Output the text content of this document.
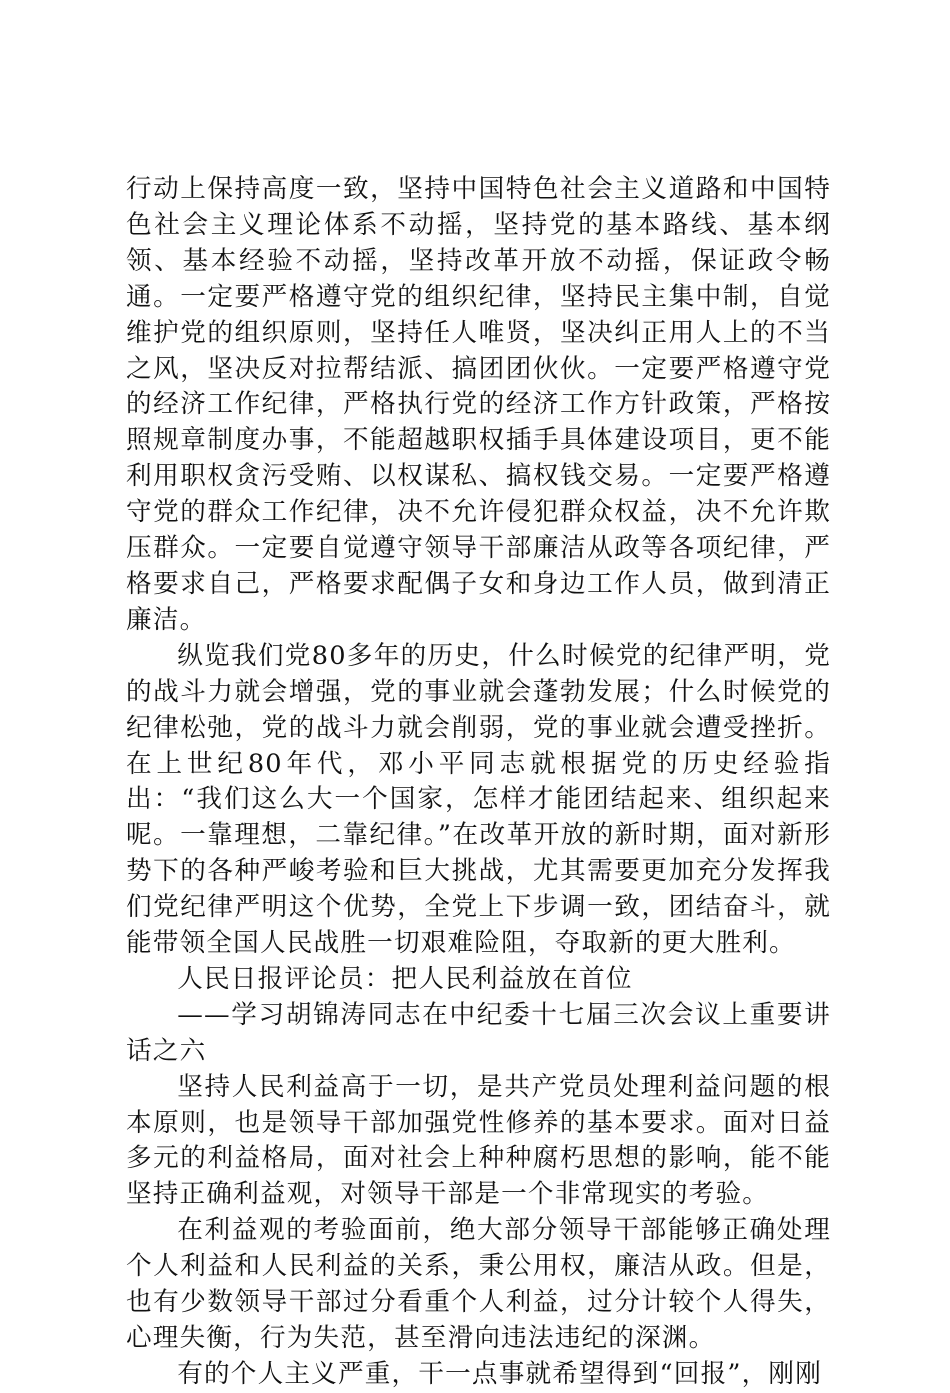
行动上保持高度一致，坚持中国特色社会主义道路和中国特色社会主义理论体系不动摇，坚持党的基本路线、基本纲领、基本经验不动摇，坚持改革开放不动摇，保证政令畅通。一定要严格遵守党的组织纪律，坚持民主集中制，自觉维护党的组织原则，坚持任人唯贤，坚决纠正用人上的不当之风，坚决反对拉帮结派、搞团团伙伙。一定要严格遵守党的经济工作纪律，严格执行党的经济工作方针政策，严格按照规章制度办事，不能超越职权插手具体建设项目，更不能利用职权贪污受贿、以权谋私、搞权钱交易。一定要严格遵守党的群众工作纪律，决不允许侵犯群众权益，决不允许欺压群众。一定要自觉遵守领导干部廉洁从政等各项纪律，严格要求自己，严格要求配偶子女和身边工作人员，做到清正廉洁。

纵览我们党80多年的历史，什么时候党的纪律严明，党的战斗力就会增强，党的事业就会蓬勃发展；什么时候党的纪律松弛，党的战斗力就会削弱，党的事业就会遭受挫折。在上世纪80年代，邓小平同志就根据党的历史经验指出：“我们这么大一个国家，怎样才能团结起来、组织起来呢。一靠理想，二靠纪律。”在改革开放的新时期，面对新形势下的各种严峻考验和巨大挑战，尤其需要更加充分发挥我们党纪律严明这个优势，全党上下步调一致，团结奋斗，就能带领全国人民战胜一切艰难险阻，夺取新的更大胜利。

人民日报评论员：把人民利益放在首位

——学习胡锦涛同志在中纪委十七届三次会议上重要讲话之六

坚持人民利益高于一切，是共产党员处理利益问题的根本原则，也是领导干部加强党性修养的基本要求。面对日益多元的利益格局，面对社会上种种腐朽思想的影响，能不能坚持正确利益观，对领导干部是一个非常现实的考验。

在利益观的考验面前，绝大部分领导干部能够正确处理个人利益和人民利益的关系，秉公用权，廉洁从政。但是，也有少数领导干部过分看重个人利益，过分计较个人得失，心理失衡，行为失范，甚至滑向违法违纪的深渊。

有的个人主义严重，干一点事就希望得到“回报”，刚刚
